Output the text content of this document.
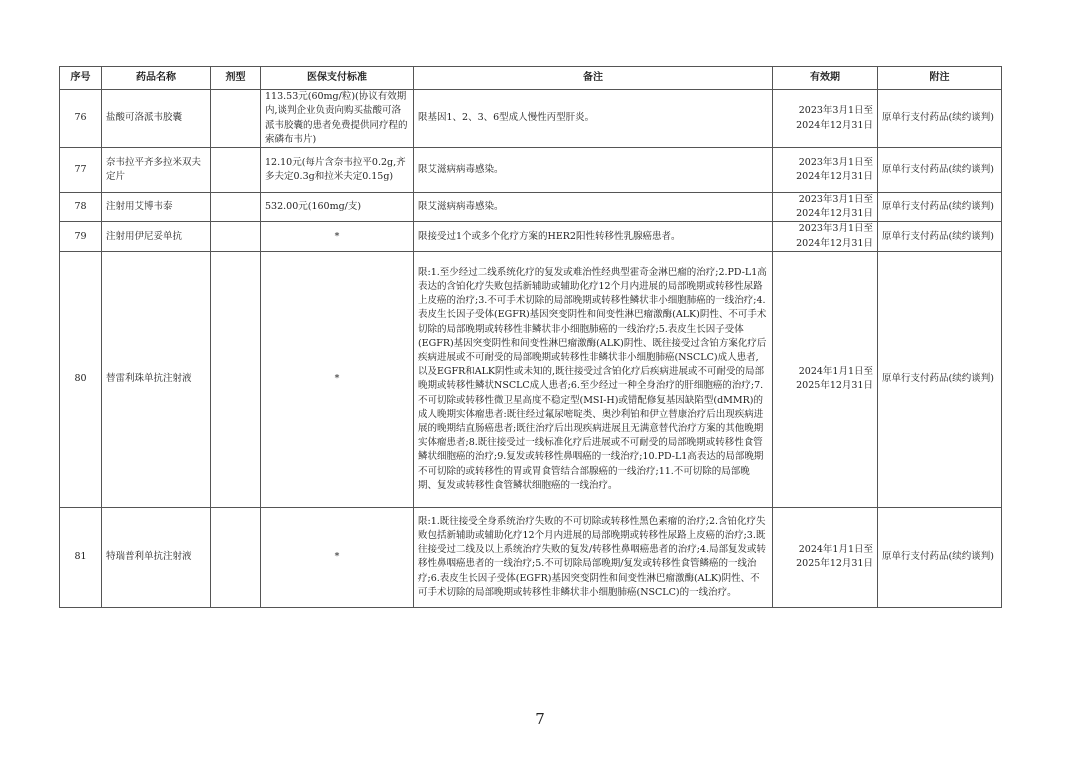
序号	药品名称	剂型	医保支付标准	备注	有效期	附注
76	盐酸可洛派韦胶囊		113.53元(60mg/粒)(协议有效期内,谈判企业负责向购买盐酸可洛派韦胶囊的患者免费提供同疗程的索磷布韦片)	限基因1、2、3、6型成人慢性丙型肝炎。	2023年3月1日至
2024年12月31日	原单行支付药品(续约谈判)
77	奈韦拉平齐多拉米双夫定片		12.10元(每片含奈韦拉平0.2g,齐多夫定0.3g和拉米夫定0.15g)	限艾滋病病毒感染。	2023年3月1日至
2024年12月31日	原单行支付药品(续约谈判)
78	注射用艾博韦泰		532.00元(160mg/支)	限艾滋病病毒感染。	2023年3月1日至
2024年12月31日	原单行支付药品(续约谈判)
79	注射用伊尼妥单抗		*	限接受过1个或多个化疗方案的HER2阳性转移性乳腺癌患者。	2023年3月1日至
2024年12月31日	原单行支付药品(续约谈判)
80	替雷利珠单抗注射液		*	限:1.至少经过二线系统化疗的复发或难治性经典型霍奇金淋巴瘤的治疗;2.PD-L1高表达的含铂化疗失败包括新辅助或辅助化疗12个月内进展的局部晚期或转移性尿路上皮癌的治疗;3.不可手术切除的局部晚期或转移性鳞状非小细胞肺癌的一线治疗;4.表皮生长因子受体(EGFR)基因突变阴性和间变性淋巴瘤激酶(ALK)阴性、不可手术切除的局部晚期或转移性非鳞状非小细胞肺癌的一线治疗;5.表皮生长因子受体(EGFR)基因突变阴性和间变性淋巴瘤激酶(ALK)阴性、既往接受过含铂方案化疗后疾病进展或不可耐受的局部晚期或转移性非鳞状非小细胞肺癌(NSCLC)成人患者,以及EGFR和ALK阴性或未知的,既往接受过含铂化疗后疾病进展或不可耐受的局部晚期或转移性鳞状NSCLC成人患者;6.至少经过一种全身治疗的肝细胞癌的治疗;7.不可切除或转移性微卫星高度不稳定型(MSI-H)或错配修复基因缺陷型(dMMR)的成人晚期实体瘤患者:既往经过氟尿嘧啶类、奥沙利铂和伊立替康治疗后出现疾病进展的晚期结直肠癌患者;既往治疗后出现疾病进展且无满意替代治疗方案的其他晚期实体瘤患者;8.既往接受过一线标准化疗后进展或不可耐受的局部晚期或转移性食管鳞状细胞癌的治疗;9.复发或转移性鼻咽癌的一线治疗;10.PD-L1高表达的局部晚期不可切除的或转移性的胃或胃食管结合部腺癌的一线治疗;11.不可切除的局部晚期、复发或转移性食管鳞状细胞癌的一线治疗。	2024年1月1日至
2025年12月31日	原单行支付药品(续约谈判)
81	特瑞普利单抗注射液		*	限:1.既往接受全身系统治疗失败的不可切除或转移性黑色素瘤的治疗;2.含铂化疗失败包括新辅助或辅助化疗12个月内进展的局部晚期或转移性尿路上皮癌的治疗;3.既往接受过二线及以上系统治疗失败的复发/转移性鼻咽癌患者的治疗;4.局部复发或转移性鼻咽癌患者的一线治疗;5.不可切除局部晚期/复发或转移性食管鳞癌的一线治疗;6.表皮生长因子受体(EGFR)基因突变阴性和间变性淋巴瘤激酶(ALK)阴性、不可手术切除的局部晚期或转移性非鳞状非小细胞肺癌(NSCLC)的一线治疗。	2024年1月1日至
2025年12月31日	原单行支付药品(续约谈判)
7
